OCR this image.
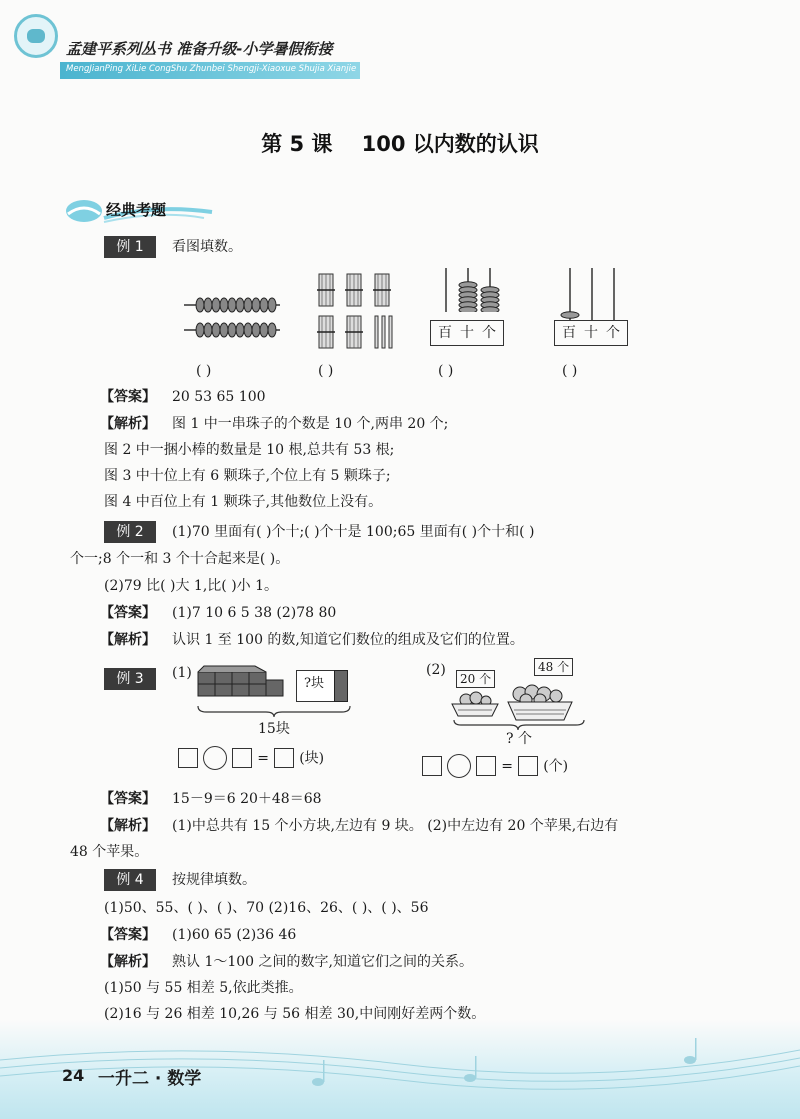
孟建平系列丛书 准备升级-小学暑假衔接
MengJianPing XiLie CongShu Zhunbei Shengji-Xiaoxue Shujia Xianjie
第 5 课    100 以内数的认识
经典考题
例 1	看图填数。
百 十 个	百 十 个
( )	( )	( )	( )
【答案】 20 53 65 100
【解析】 图 1 中一串珠子的个数是 10 个,两串 20 个;
图 2 中一捆小棒的数量是 10 根,总共有 53 根;
图 3 中十位上有 6 颗珠子,个位上有 5 颗珠子;
图 4 中百位上有 1 颗珠子,其他数位上没有。
例 2	(1)70 里面有( )个十;( )个十是 100;65 里面有( )个十和( )
个一;8 个一和 3 个十合起来是( )。
(2)79 比( )大 1,比( )小 1。
【答案】 (1)7 10 6 5 38 (2)78 80
【解析】 认识 1 至 100 的数,知道它们数位的组成及它们的位置。
例 3	(1)
?块
15块
= (块)
(2)
20 个
48 个
? 个
= (个)
【答案】 15－9＝6 20＋48＝68
【解析】 (1)中总共有 15 个小方块,左边有 9 块。 (2)中左边有 20 个苹果,右边有
48 个苹果。
例 4	按规律填数。
(1)50、55、( )、( )、70 (2)16、26、( )、( )、56
【答案】 (1)60 65 (2)36 46
【解析】 熟认 1～100 之间的数字,知道它们之间的关系。
(1)50 与 55 相差 5,依此类推。
(2)16 与 26 相差 10,26 与 56 相差 30,中间刚好差两个数。
24 一升二 · 数学
